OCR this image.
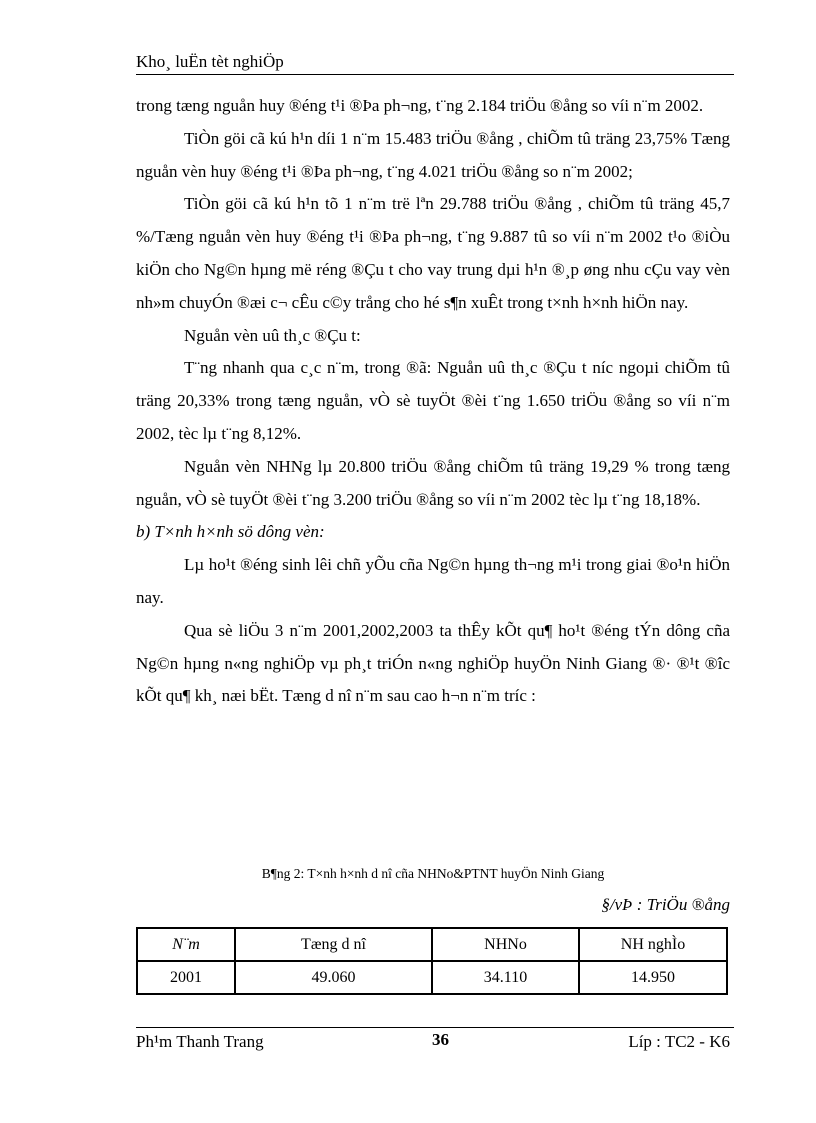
Kho¸ luËn tèt nghiÖp

trong tæng nguån huy ®éng t¹i ®Þa ph¬ng, t¨ng 2.184 triÖu ®ång so víi n¨m 2002.

TiÒn göi cã kú h¹n díi 1 n¨m 15.483 triÖu ®ång , chiÕm tû träng 23,75% Tæng nguån vèn huy ®éng t¹i ®Þa ph¬ng, t¨ng 4.021 triÖu ®ång so n¨m 2002;

TiÒn göi cã kú h¹n tõ 1 n¨m trë lªn 29.788 triÖu ®ång , chiÕm tû träng 45,7 %/Tæng nguån vèn huy ®éng t¹i ®Þa ph¬ng, t¨ng 9.887 tû so víi n¨m 2002 t¹o ®iÒu kiÖn cho Ng©n hµng më réng ®Çu t cho vay trung dµi h¹n ®¸p øng nhu cÇu vay vèn nh»m chuyÓn ®æi c¬ cÊu c©y trång cho hé s¶n xuÊt trong t×nh h×nh hiÖn nay.

Nguån vèn uû th¸c ®Çu t:

T¨ng nhanh qua c¸c n¨m, trong ®ã: Nguån uû th¸c ®Çu t níc ngoµi chiÕm tû träng 20,33% trong tæng nguån, vÒ sè tuyÖt ®èi t¨ng 1.650 triÖu ®ång so víi n¨m 2002, tèc lµ t¨ng 8,12%.

Nguån vèn NHNg lµ 20.800 triÖu ®ång chiÕm tû träng 19,29 % trong tæng nguån, vÒ sè tuyÖt ®èi t¨ng 3.200 triÖu ®ång so víi n¨m 2002 tèc lµ t¨ng 18,18%.

b) T×nh h×nh sö dông vèn:

Lµ ho¹t ®éng sinh lêi chñ yÕu cña Ng©n hµng th¬ng m¹i trong giai ®o¹n hiÖn nay.

Qua sè liÖu 3 n¨m 2001,2002,2003 ta thÊy kÕt qu¶ ho¹t ®éng tÝn dông cña Ng©n hµng n«ng nghiÖp vµ ph¸t triÓn n«ng nghiÖp huyÖn Ninh Giang ®· ®¹t ®îc kÕt qu¶ kh¸ næi bËt. Tæng d nî n¨m sau cao h¬n n¨m tríc :

B¶ng 2: T×nh h×nh d nî cña NHNo&PTNT huyÖn Ninh Giang
§/vÞ : TriÖu ®ång
N¨m	Tæng d nî	NHNo	NH nghÌo
2001	49.060	34.110	14.950
Ph¹m Thanh Trang	36	Líp : TC2 - K6
